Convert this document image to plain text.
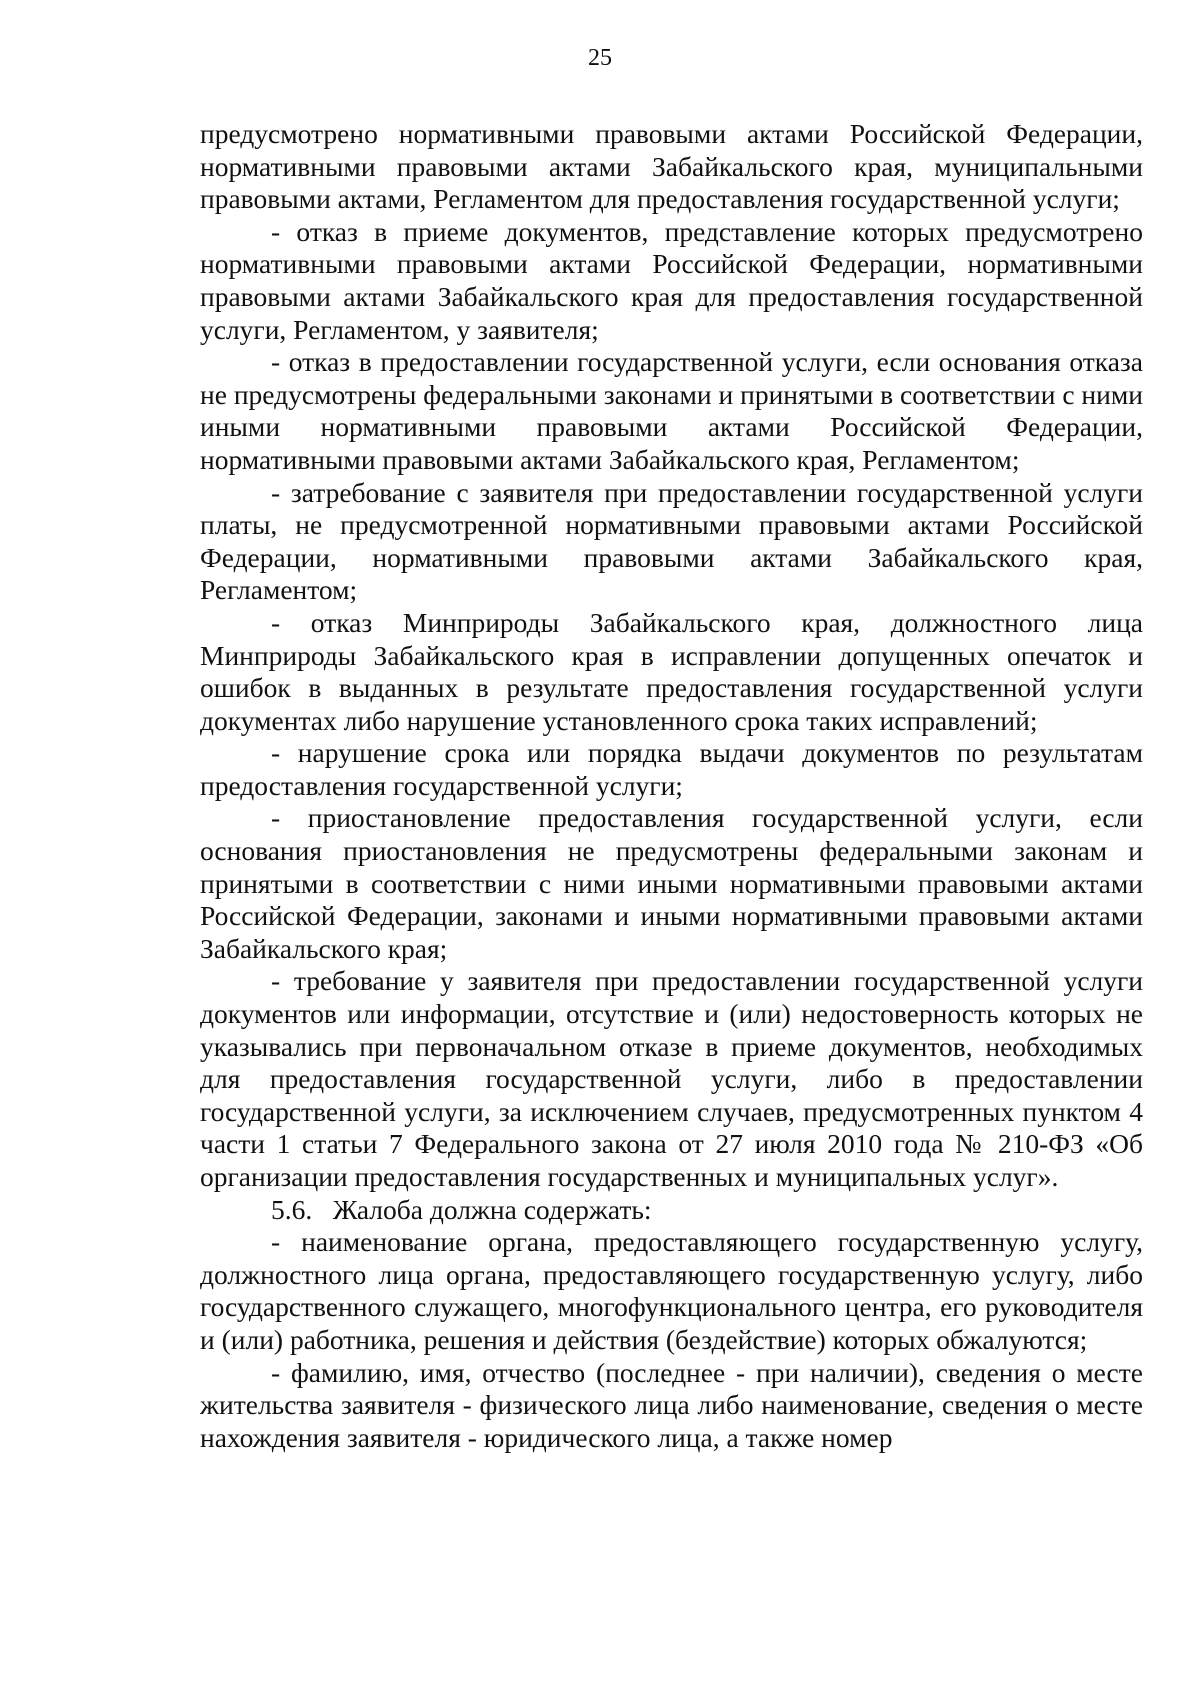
25

предусмотрено нормативными правовыми актами Российской Федерации, нормативными правовыми актами Забайкальского края, муниципальными правовыми актами, Регламентом для предоставления государственной услуги;

- отказ в приеме документов, представление которых предусмотрено нормативными правовыми актами Российской Федерации, нормативными правовыми актами Забайкальского края для предоставления государственной услуги, Регламентом, у заявителя;

- отказ в предоставлении государственной услуги, если основания отказа не предусмотрены федеральными законами и принятыми в соответствии с ними иными нормативными правовыми актами Российской Федерации, нормативными правовыми актами Забайкальского края, Регламентом;

- затребование с заявителя при предоставлении государственной услуги платы, не предусмотренной нормативными правовыми актами Российской Федерации, нормативными правовыми актами Забайкальского края, Регламентом;

- отказ Минприроды Забайкальского края, должностного лица Минприроды Забайкальского края в исправлении допущенных опечаток и ошибок в выданных в результате предоставления государственной услуги документах либо нарушение установленного срока таких исправлений;

- нарушение срока или порядка выдачи документов по результатам предоставления государственной услуги;

- приостановление предоставления государственной услуги, если основания приостановления не предусмотрены федеральными законам и принятыми в соответствии с ними иными нормативными правовыми актами Российской Федерации, законами и иными нормативными правовыми актами Забайкальского края;

- требование у заявителя при предоставлении государственной услуги документов или информации, отсутствие и (или) недостоверность которых не указывались при первоначальном отказе в приеме документов, необходимых для предоставления государственной услуги, либо в предоставлении государственной услуги, за исключением случаев, предусмотренных пунктом 4 части 1 статьи 7 Федерального закона от 27 июля 2010 года № 210-ФЗ «Об организации предоставления государственных и муниципальных услуг».

5.6.   Жалоба должна содержать:

- наименование органа, предоставляющего государственную услугу, должностного лица органа, предоставляющего государственную услугу, либо государственного служащего, многофункционального центра, его руководителя и (или) работника, решения и действия (бездействие) которых обжалуются;

- фамилию, имя, отчество (последнее - при наличии), сведения о месте жительства заявителя - физического лица либо наименование, сведения о месте нахождения заявителя - юридического лица, а также номер
